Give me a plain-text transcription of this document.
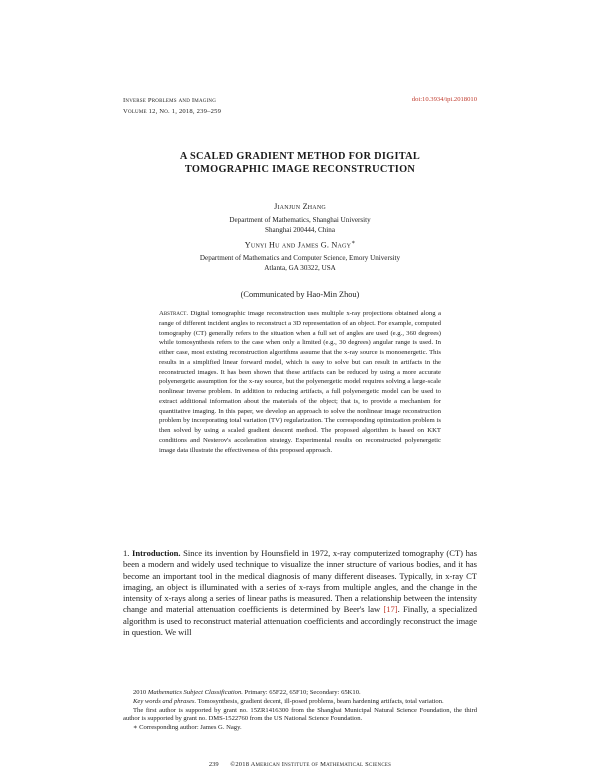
Inverse Problems and Imaging
Volume 12, No. 1, 2018, 239–259
doi:10.3934/ipi.2018010
A SCALED GRADIENT METHOD FOR DIGITAL
TOMOGRAPHIC IMAGE RECONSTRUCTION
Jianjun Zhang
Department of Mathematics, Shanghai University
Shanghai 200444, China
Yunyi Hu and James G. Nagy∗
Department of Mathematics and Computer Science, Emory University
Atlanta, GA 30322, USA
(Communicated by Hao-Min Zhou)
Abstract. Digital tomographic image reconstruction uses multiple x-ray projections obtained along a range of different incident angles to reconstruct a 3D representation of an object. For example, computed tomography (CT) generally refers to the situation when a full set of angles are used (e.g., 360 degrees) while tomosynthesis refers to the case when only a limited (e.g., 30 degrees) angular range is used. In either case, most existing reconstruction algorithms assume that the x-ray source is monoenergetic. This results in a simplified linear forward model, which is easy to solve but can result in artifacts in the reconstructed images. It has been shown that these artifacts can be reduced by using a more accurate polyenergetic assumption for the x-ray source, but the polyenergetic model requires solving a large-scale nonlinear inverse problem. In addition to reducing artifacts, a full polyenergetic model can be used to extract additional information about the materials of the object; that is, to provide a mechanism for quantitative imaging. In this paper, we develop an approach to solve the nonlinear image reconstruction problem by incorporating total variation (TV) regularization. The corresponding optimization problem is then solved by using a scaled gradient descent method. The proposed algorithm is based on KKT conditions and Nesterov's acceleration strategy. Experimental results on reconstructed polyenergetic image data illustrate the effectiveness of this proposed approach.
1. Introduction. Since its invention by Hounsfield in 1972, x-ray computerized tomography (CT) has been a modern and widely used technique to visualize the inner structure of various bodies, and it has become an important tool in the medical diagnosis of many different diseases. Typically, in x-ray CT imaging, an object is illuminated with a series of x-rays from multiple angles, and the change in the intensity of x-rays along a series of linear paths is measured. Then a relationship between the intensity change and material attenuation coefficients is determined by Beer's law [17]. Finally, a specialized algorithm is used to reconstruct material attenuation coefficients and accordingly reconstruct the image in question. We will

2010 Mathematics Subject Classification. Primary: 65F22, 65F10; Secondary: 65K10.

Key words and phrases. Tomosynthesis, gradient decent, ill-posed problems, beam hardening artifacts, total variation.

The first author is supported by grant no. 15ZR1416300 from the Shanghai Municipal Natural Science Foundation, the third author is supported by grant no. DMS-1522760 from the US National Science Foundation.

∗ Corresponding author: James G. Nagy.

239 ©2018 American Institute of Mathematical Sciences
